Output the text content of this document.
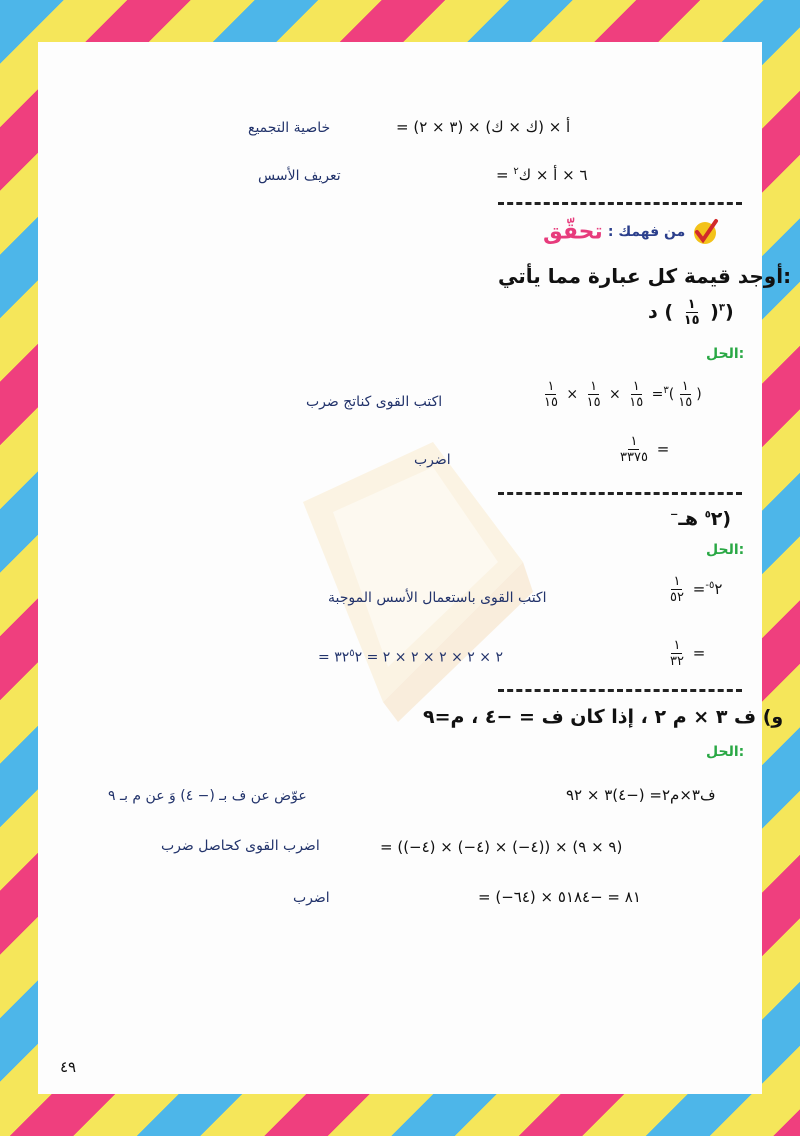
= (٣ × ٢) × أ × (ك × ك)
خاصية التجميع
= ٦ × أ × ك$^٢$
تعريف الأسس
من فهمك : تحقّق
أوجد قيمة كل عبارة مما يأتي:
$^٣$(
$\frac{١}{١٥}$
) د)
الحل:
$\frac{١}{١٥} \times \frac{١}{١٥} \times \frac{١}{١٥} =^٣( \frac{١}{١٥}$ )
اكتب القوى كناتج ضرب
$\frac{١}{٣٣٧٥}$ =
اضرب
$^{-٥}$٢ هـ)
الحل:
$\frac{١}{٥٢}$ =$^{-٥}$٢
اكتب القوى باستعمال الأسس الموجبة
$\frac{١}{٣٢}$ =
= ٢ × ٢ × ٢ × ٢ × ٢ = $٣٢^٥٢$
و) ف ٣ × م ٢ ، إذا كان ف = −٤ ، م=٩
الحل:
ف٣×م٢= (−٤)٣ × ٩٢
عوّض عن ف بـ (− ٤) وَ عن م بـ ٩
= ((−٤) × (−٤) × (−٤)) × (٩ × ٩)
اضرب القوى كحاصل ضرب
= (−٦٤) × ٨١ = −٥١٨٤
اضرب
٤٩
